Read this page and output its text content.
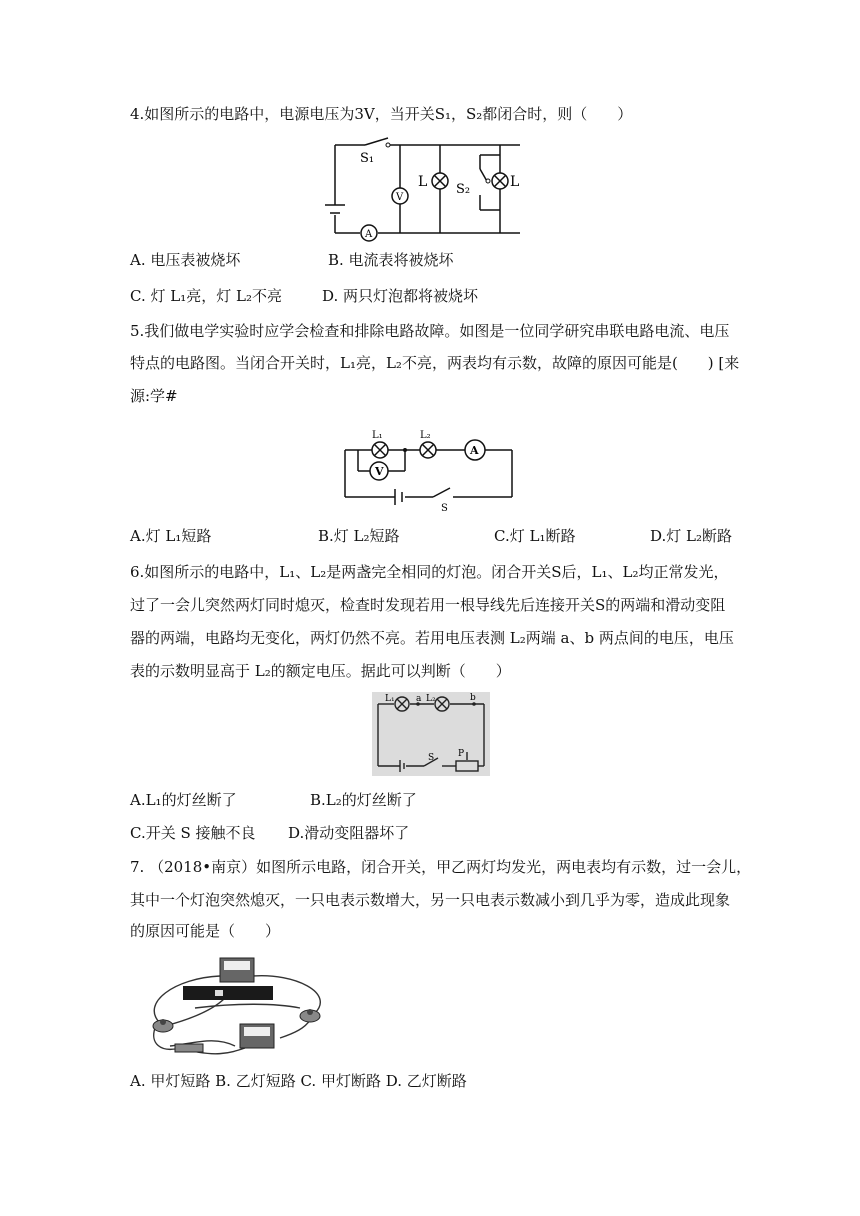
4.如图所示的电路中，电源电压为3V，当开关S₁，S₂都闭合时，则（　　）
S₁
V
L S₂	L
A
A. 电压表被烧坏	B. 电流表将被烧坏
C. 灯 L₁亮，灯 L₂不亮	D. 两只灯泡都将被烧坏
5.我们做电学实验时应学会检查和排除电路故障。如图是一位同学研究串联电路电流、电压
特点的电路图。当闭合开关时，L₁亮，L₂不亮，两表均有示数，故障的原因可能是(　　) [来
源:学#
L₁	L₂
A
V
S
A.灯 L₁短路	B.灯 L₂短路	C.灯 L₁断路	D.灯 L₂断路
6.如图所示的电路中，L₁、L₂是两盏完全相同的灯泡。闭合开关S后，L₁、L₂均正常发光，
过了一会儿突然两灯同时熄灭，检查时发现若用一根导线先后连接开关S的两端和滑动变阻
器的两端，电路均无变化，两灯仍然不亮。若用电压表测 L₂两端 a、b 两点间的电压，电压
表的示数明显高于 L₂的额定电压。据此可以判断（　　）
L₁	L₂
a	b
S	P
A.L₁的灯丝断了	B.L₂的灯丝断了
C.开关 S 接触不良 D.滑动变阻器坏了
7. （2018•南京）如图所示电路，闭合开关，甲乙两灯均发光，两电表均有示数，过一会儿，
其中一个灯泡突然熄灭，一只电表示数增大，另一只电表示数减小到几乎为零，造成此现象
的原因可能是（　　）
A. 甲灯短路 B. 乙灯短路 C. 甲灯断路 D. 乙灯断路
